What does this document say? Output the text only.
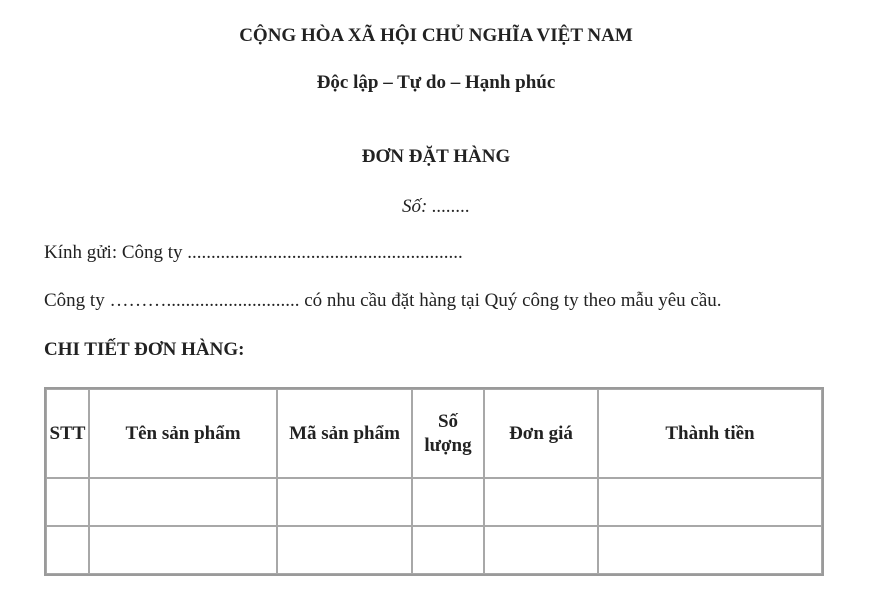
CỘNG HÒA XÃ HỘI CHỦ NGHĨA VIỆT NAM
Độc lập – Tự do – Hạnh phúc
ĐƠN ĐẶT HÀNG
Số: ........
Kính gửi: Công ty ..........................................................
Công ty ………............................ có nhu cầu đặt hàng tại Quý công ty theo mẫu yêu cầu.
CHI TIẾT ĐƠN HÀNG:
STT	Tên sản phẩm	Mã sản phẩm	Số lượng	Đơn giá	Thành tiền
